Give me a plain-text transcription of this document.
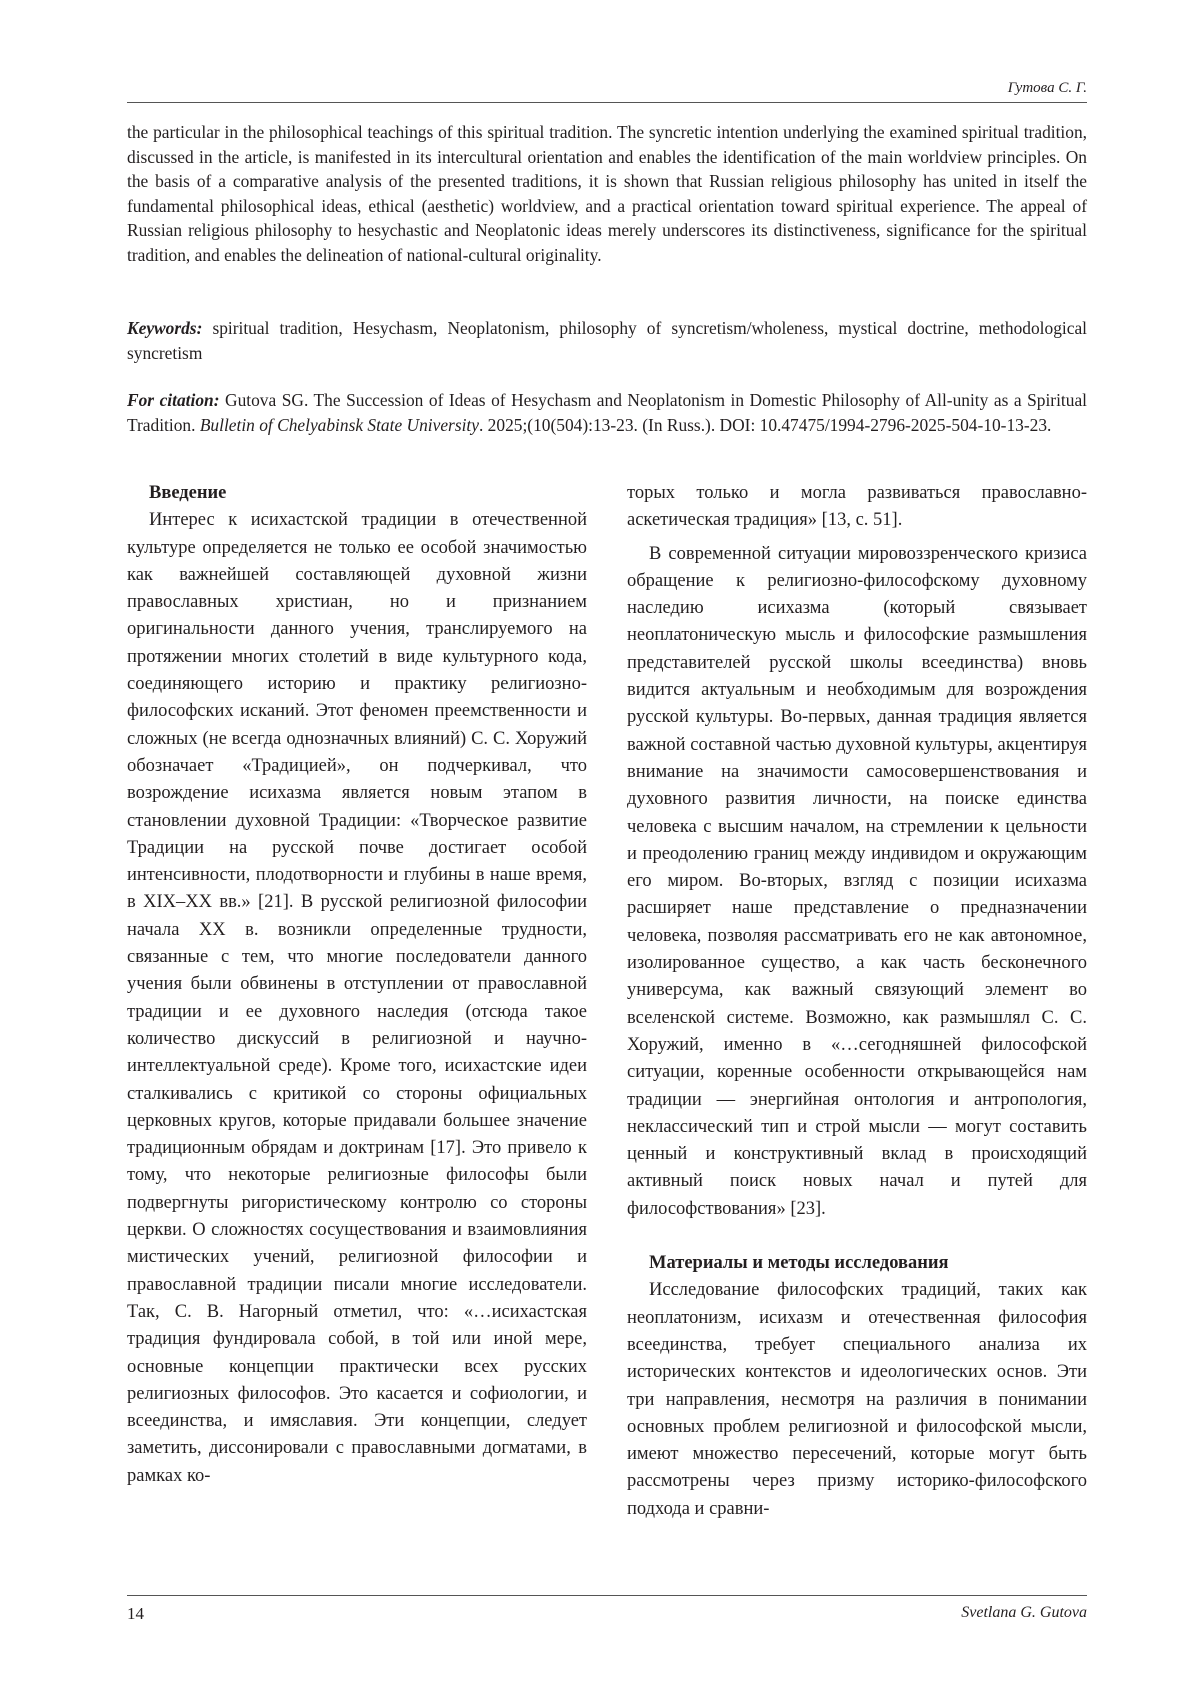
Гутова С. Г.

the particular in the philosophical teachings of this spiritual tradition. The syncretic intention underlying the examined spiritual tradition, discussed in the article, is manifested in its intercultural orientation and enables the identification of the main worldview principles. On the basis of a comparative analysis of the presented traditions, it is shown that Russian religious philosophy has united in itself the fundamental philosophical ideas, ethical (aesthetic) worldview, and a practical orientation toward spiritual experience. The appeal of Russian religious philosophy to hesychastic and Neoplatonic ideas merely underscores its distinctiveness, significance for the spiritual tradition, and enables the delineation of national-cultural originality.

Keywords: spiritual tradition, Hesychasm, Neoplatonism, philosophy of syncretism/wholeness, mystical doctrine, methodological syncretism

For citation: Gutova SG. The Succession of Ideas of Hesychasm and Neoplatonism in Domestic Philosophy of All-unity as a Spiritual Tradition. Bulletin of Chelyabinsk State University. 2025;(10(504):13-23. (In Russ.). DOI: 10.47475/1994-2796-2025-504-10-13-23.

Введение

Интерес к исихастской традиции в отечественной культуре определяется не только ее особой значимостью как важнейшей составляющей духовной жизни православных христиан, но и признанием оригинальности данного учения, транслируемого на протяжении многих столетий в виде культурного кода, соединяющего историю и практику религиозно-философских исканий. Этот феномен преемственности и сложных (не всегда однозначных влияний) С. С. Хоружий обозначает «Традицией», он подчеркивал, что возрождение исихазма является новым этапом в становлении духовной Традиции: «Творческое развитие Традиции на русской почве достигает особой интенсивности, плодотворности и глубины в наше время, в XIX–XX вв.» [21]. В русской религиозной философии начала XX в. возникли определенные трудности, связанные с тем, что многие последователи данного учения были обвинены в отступлении от православной традиции и ее духовного наследия (отсюда такое количество дискуссий в религиозной и научно-интеллектуальной среде). Кроме того, исихастские идеи сталкивались с критикой со стороны официальных церковных кругов, которые придавали большее значение традиционным обрядам и доктринам [17]. Это привело к тому, что некоторые религиозные философы были подвергнуты ригористическому контролю со стороны церкви. О сложностях сосуществования и взаимовлияния мистических учений, религиозной философии и православной традиции писали многие исследователи. Так, С. В. Нагорный отметил, что: «…исихастская традиция фундировала собой, в той или иной мере, основные концепции практически всех русских религиозных философов. Это касается и софиологии, и всеединства, и имяславия. Эти концепции, следует заметить, диссонировали с православными догматами, в рамках ко-

торых только и могла развиваться православно-аскетическая традиция» [13, с. 51].

В современной ситуации мировоззренческого кризиса обращение к религиозно-философскому духовному наследию исихазма (который связывает неоплатоническую мысль и философские размышления представителей русской школы всеединства) вновь видится актуальным и необходимым для возрождения русской культуры. Во-первых, данная традиция является важной составной частью духовной культуры, акцентируя внимание на значимости самосовершенствования и духовного развития личности, на поиске единства человека с высшим началом, на стремлении к цельности и преодолению границ между индивидом и окружающим его миром. Во-вторых, взгляд с позиции исихазма расширяет наше представление о предназначении человека, позволяя рассматривать его не как автономное, изолированное существо, а как часть бесконечного универсума, как важный связующий элемент во вселенской системе. Возможно, как размышлял С. С. Хоружий, именно в «…сегодняшней философской ситуации, коренные особенности открывающейся нам традиции — энергийная онтология и антропология, неклассический тип и строй мысли — могут составить ценный и конструктивный вклад в происходящий активный поиск новых начал и путей для философствования» [23].

Материалы и методы исследования

Исследование философских традиций, таких как неоплатонизм, исихазм и отечественная философия всеединства, требует специального анализа их исторических контекстов и идеологических основ. Эти три направления, несмотря на различия в понимании основных проблем религиозной и философской мысли, имеют множество пересечений, которые могут быть рассмотрены через призму историко-философского подхода и сравни-

14	Svetlana G. Gutova
